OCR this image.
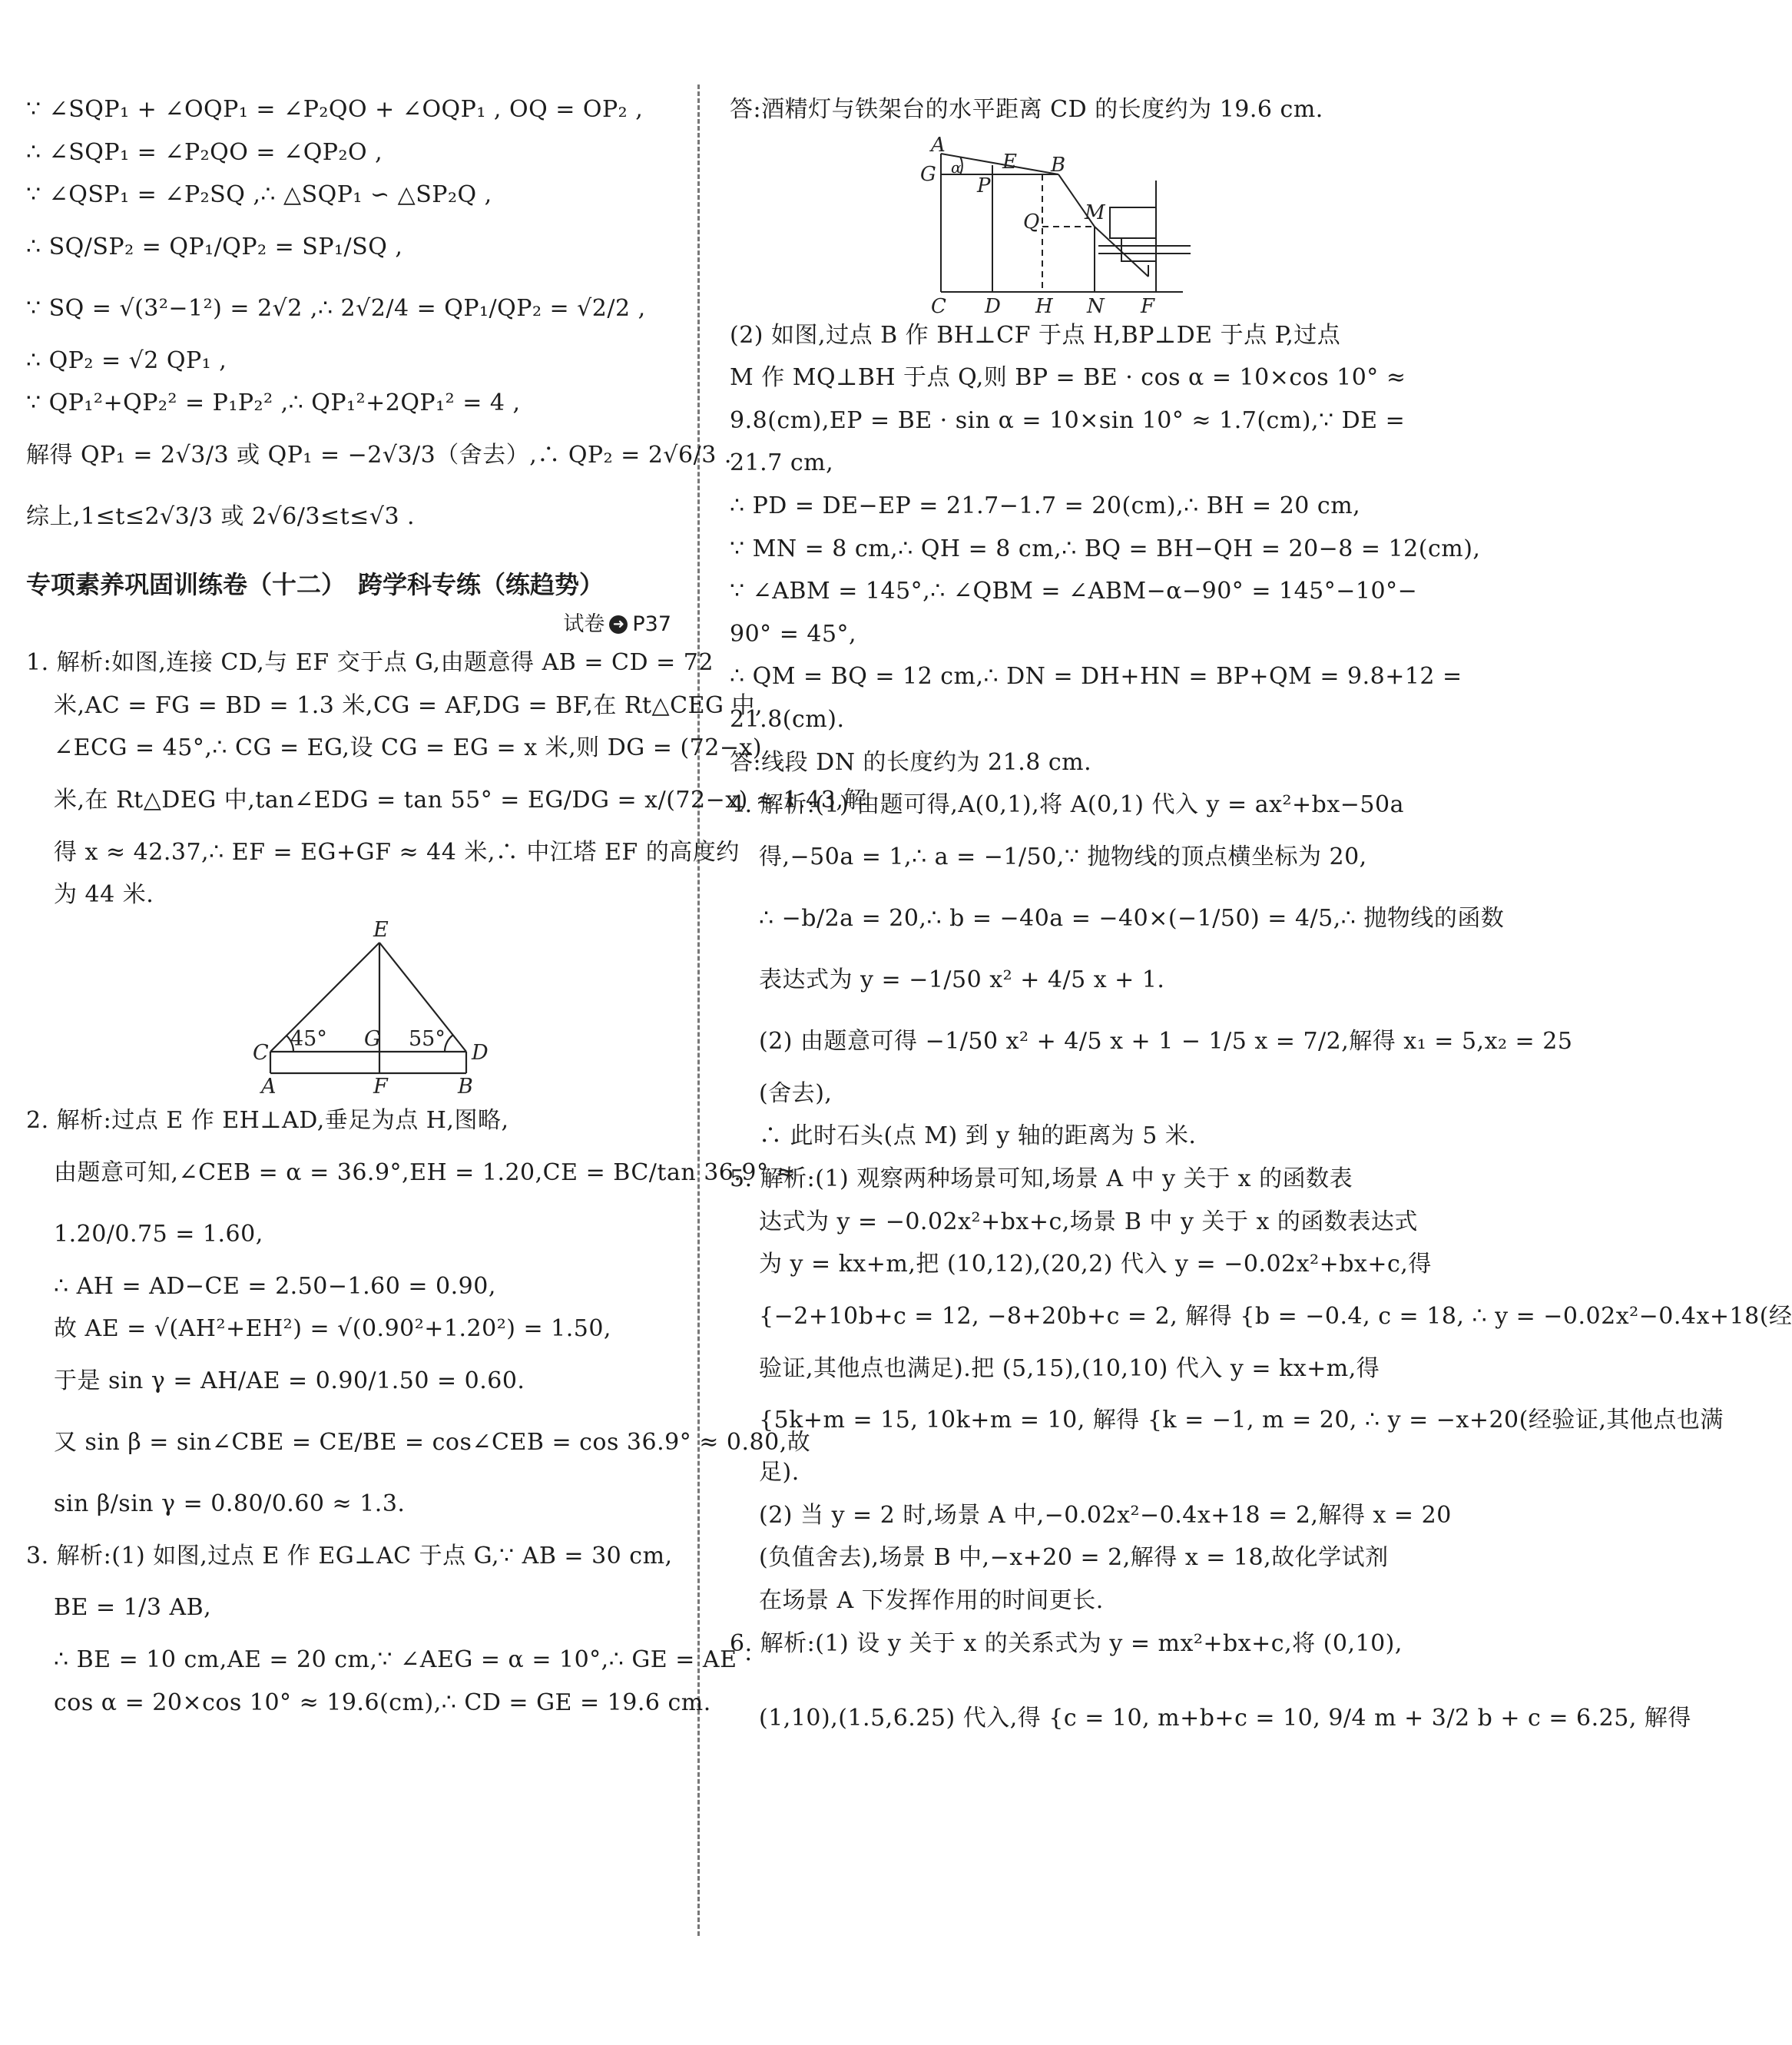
∵ ∠SQP₁ + ∠OQP₁ = ∠P₂QO + ∠OQP₁ , OQ = OP₂ ,
∴ ∠SQP₁ = ∠P₂QO = ∠QP₂O ,
∵ ∠QSP₁ = ∠P₂SQ ,∴ △SQP₁ ∽ △SP₂Q ,
∴ SQ/SP₂ = QP₁/QP₂ = SP₁/SQ ,
∵ SQ = √(3²−1²) = 2√2 ,∴ 2√2/4 = QP₁/QP₂ = √2/2 ,
∴ QP₂ = √2 QP₁ ,
∵ QP₁²+QP₂² = P₁P₂² ,∴ QP₁²+2QP₁² = 4 ,
解得 QP₁ = 2√3/3 或 QP₁ = −2√3/3（舍去）,∴ QP₂ = 2√6/3 .
综上,1≤t≤2√3/3 或 2√6/3≤t≤√3 .
专项素养巩固训练卷（十二）　跨学科专练（练趋势）
试卷 ➜ P37
1. 解析:如图,连接 CD,与 EF 交于点 G,由题意得 AB = CD = 72
米,AC = FG = BD = 1.3 米,CG = AF,DG = BF,在 Rt△CEG 中,
∠ECG = 45°,∴ CG = EG,设 CG = EG = x 米,则 DG = (72−x)
米,在 Rt△DEG 中,tan∠EDG = tan 55° = EG/DG = x/(72−x) ≈ 1.43,解
得 x ≈ 42.37,∴ EF = EG+GF ≈ 44 米,∴ 中江塔 EF 的高度约
为 44 米.
E
C
G
D
A	F	B
45°	55°
2. 解析:过点 E 作 EH⊥AD,垂足为点 H,图略,
由题意可知,∠CEB = α = 36.9°,EH = 1.20,CE = BC/tan 36.9° ≈
1.20/0.75 = 1.60,
∴ AH = AD−CE = 2.50−1.60 = 0.90,
故 AE = √(AH²+EH²) = √(0.90²+1.20²) = 1.50,
于是 sin γ = AH/AE = 0.90/1.50 = 0.60.
又 sin β = sin∠CBE = CE/BE = cos∠CEB = cos 36.9° ≈ 0.80,故
sin β/sin γ = 0.80/0.60 ≈ 1.3.
3. 解析:(1) 如图,过点 E 作 EG⊥AC 于点 G,∵ AB = 30 cm,
BE = 1/3 AB,
∴ BE = 10 cm,AE = 20 cm,∵ ∠AEG = α = 10°,∴ GE = AE ·
cos α = 20×cos 10° ≈ 19.6(cm),∴ CD = GE = 19.6 cm.
答:酒精灯与铁架台的水平距离 CD 的长度约为 19.6 cm.
A
G α E B
P
Q M
C D H N F
(2) 如图,过点 B 作 BH⊥CF 于点 H,BP⊥DE 于点 P,过点
M 作 MQ⊥BH 于点 Q,则 BP = BE · cos α = 10×cos 10° ≈
9.8(cm),EP = BE · sin α = 10×sin 10° ≈ 1.7(cm),∵ DE =
21.7 cm,
∴ PD = DE−EP = 21.7−1.7 = 20(cm),∴ BH = 20 cm,
∵ MN = 8 cm,∴ QH = 8 cm,∴ BQ = BH−QH = 20−8 = 12(cm),
∵ ∠ABM = 145°,∴ ∠QBM = ∠ABM−α−90° = 145°−10°−
90° = 45°,
∴ QM = BQ = 12 cm,∴ DN = DH+HN = BP+QM = 9.8+12 =
21.8(cm).
答:线段 DN 的长度约为 21.8 cm.
4. 解析:(1) 由题可得,A(0,1),将 A(0,1) 代入 y = ax²+bx−50a
得,−50a = 1,∴ a = −1/50,∵ 抛物线的顶点横坐标为 20,
∴ −b/2a = 20,∴ b = −40a = −40×(−1/50) = 4/5,∴ 抛物线的函数
表达式为 y = −1/50 x² + 4/5 x + 1.
(2) 由题意可得 −1/50 x² + 4/5 x + 1 − 1/5 x = 7/2,解得 x₁ = 5,x₂ = 25
(舍去),
∴ 此时石头(点 M) 到 y 轴的距离为 5 米.
5. 解析:(1) 观察两种场景可知,场景 A 中 y 关于 x 的函数表
达式为 y = −0.02x²+bx+c,场景 B 中 y 关于 x 的函数表达式
为 y = kx+m,把 (10,12),(20,2) 代入 y = −0.02x²+bx+c,得
{−2+10b+c = 12, −8+20b+c = 2, 解得 {b = −0.4, c = 18, ∴ y = −0.02x²−0.4x+18(经
验证,其他点也满足).把 (5,15),(10,10) 代入 y = kx+m,得
{5k+m = 15, 10k+m = 10, 解得 {k = −1, m = 20, ∴ y = −x+20(经验证,其他点也满
足).
(2) 当 y = 2 时,场景 A 中,−0.02x²−0.4x+18 = 2,解得 x = 20
(负值舍去),场景 B 中,−x+20 = 2,解得 x = 18,故化学试剂
在场景 A 下发挥作用的时间更长.
6. 解析:(1) 设 y 关于 x 的关系式为 y = mx²+bx+c,将 (0,10),
(1,10),(1.5,6.25) 代入,得 {c = 10, m+b+c = 10, 9/4 m + 3/2 b + c = 6.25, 解得
